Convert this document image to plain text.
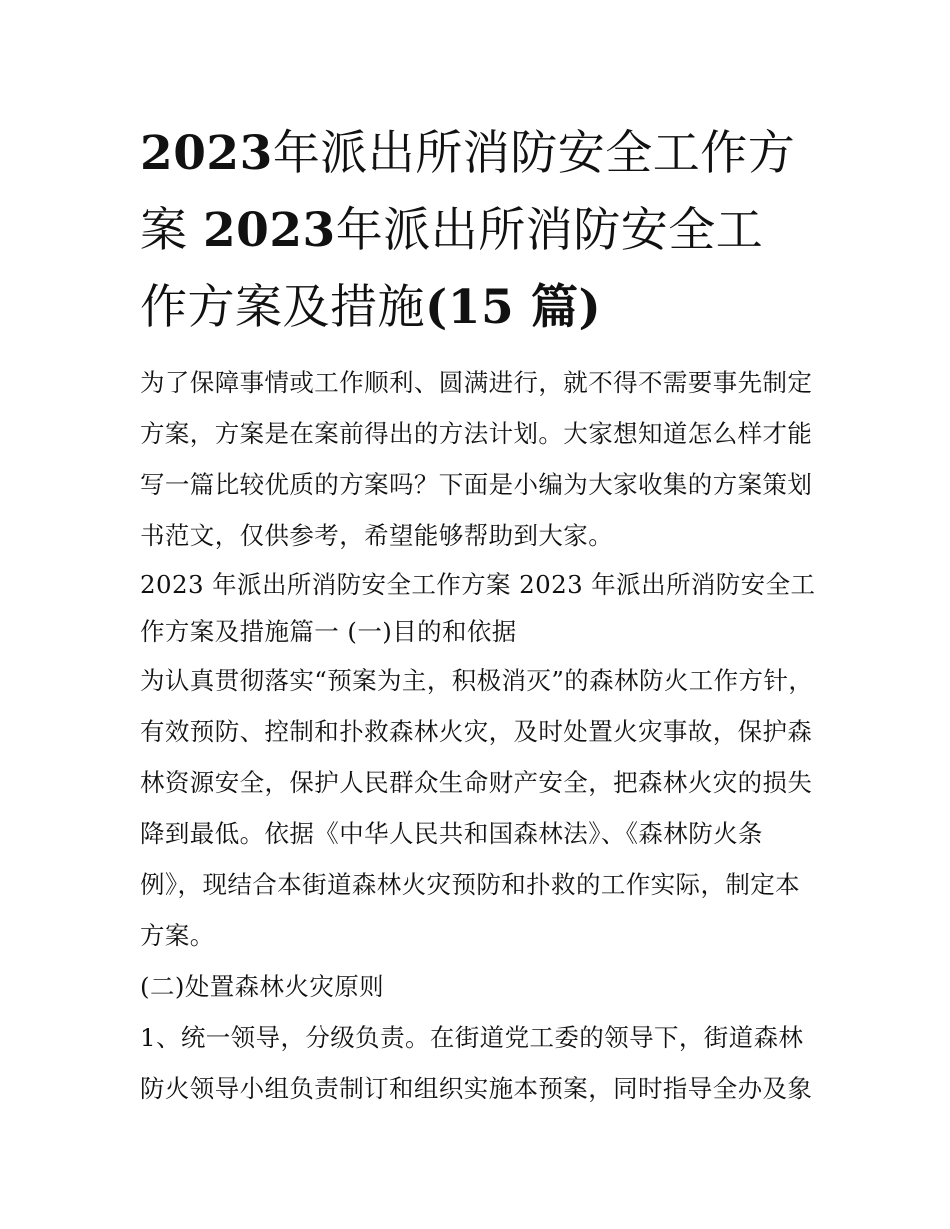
2023年派出所消防安全工作方
案 2023年派出所消防安全工
作方案及措施(15 篇)

为了保障事情或工作顺利、圆满进行，就不得不需要事先制定方案，方案是在案前得出的方法计划。大家想知道怎么样才能写一篇比较优质的方案吗？下面是小编为大家收集的方案策划书范文，仅供参考，希望能够帮助到大家。

2023 年派出所消防安全工作方案 2023 年派出所消防安全工作方案及措施篇一 (一)目的和依据

为认真贯彻落实“预案为主，积极消灭”的森林防火工作方针，有效预防、控制和扑救森林火灾，及时处置火灾事故，保护森林资源安全，保护人民群众生命财产安全，把森林火灾的损失降到最低。依据《中华人民共和国森林法》、《森林防火条例》，现结合本街道森林火灾预防和扑救的工作实际，制定本方案。

(二)处置森林火灾原则

1、统一领导，分级负责。在街道党工委的领导下，街道森林防火领导小组负责制订和组织实施本预案，同时指导全办及象
